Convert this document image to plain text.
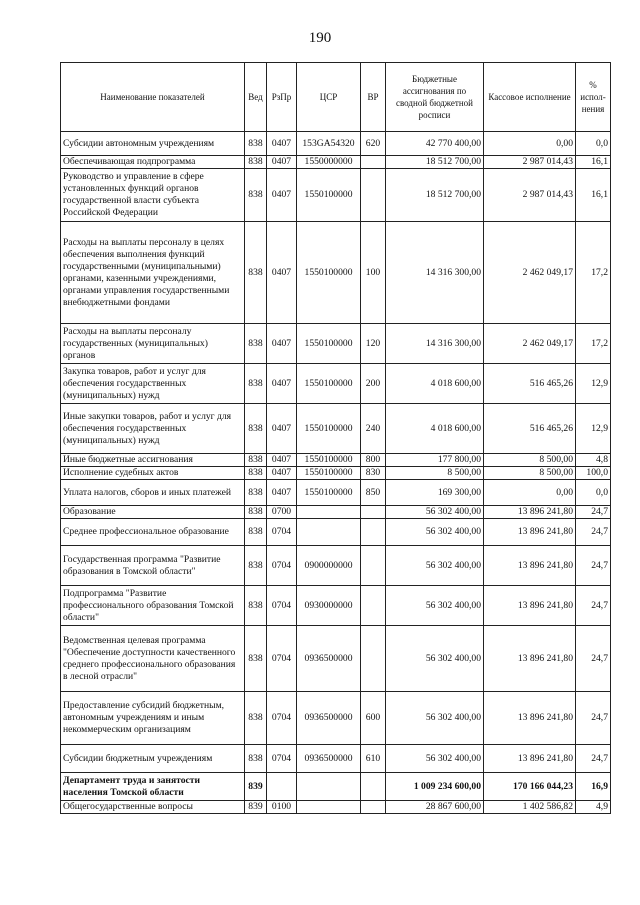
190
Наименование показателей	Вед	РзПр	ЦСР	ВР	Бюджетные ассигнования по сводной бюджетной росписи	Кассовое исполнение	% испол-нения
Субсидии автономным учреждениям	838	0407	153GA54320	620	42 770 400,00	0,00	0,0
Обеспечивающая подпрограмма	838	0407	1550000000		18 512 700,00	2 987 014,43	16,1
Руководство и управление в сфере установленных функций органов государственной власти субъекта Российской Федерации	838	0407	1550100000		18 512 700,00	2 987 014,43	16,1
Расходы на выплаты персоналу в целях обеспечения выполнения функций государственными (муниципальными) органами, казенными учреждениями, органами управления государственными внебюджетными фондами	838	0407	1550100000	100	14 316 300,00	2 462 049,17	17,2
Расходы на выплаты персоналу государственных (муниципальных) органов	838	0407	1550100000	120	14 316 300,00	2 462 049,17	17,2
Закупка товаров, работ и услуг для обеспечения государственных (муниципальных) нужд	838	0407	1550100000	200	4 018 600,00	516 465,26	12,9
Иные закупки товаров, работ и услуг для обеспечения государственных (муниципальных) нужд	838	0407	1550100000	240	4 018 600,00	516 465,26	12,9
Иные бюджетные ассигнования	838	0407	1550100000	800	177 800,00	8 500,00	4,8
Исполнение судебных актов	838	0407	1550100000	830	8 500,00	8 500,00	100,0
Уплата налогов, сборов и иных платежей	838	0407	1550100000	850	169 300,00	0,00	0,0
Образование	838	0700			56 302 400,00	13 896 241,80	24,7
Среднее профессиональное образование	838	0704			56 302 400,00	13 896 241,80	24,7
Государственная программа "Развитие образования в Томской области"	838	0704	0900000000		56 302 400,00	13 896 241,80	24,7
Подпрограмма "Развитие профессионального образования Томской области"	838	0704	0930000000		56 302 400,00	13 896 241,80	24,7
Ведомственная целевая программа "Обеспечение доступности качественного среднего профессионального образования в лесной отрасли"	838	0704	0936500000		56 302 400,00	13 896 241,80	24,7
Предоставление субсидий бюджетным, автономным учреждениям и иным некоммерческим организациям	838	0704	0936500000	600	56 302 400,00	13 896 241,80	24,7
Субсидии бюджетным учреждениям	838	0704	0936500000	610	56 302 400,00	13 896 241,80	24,7
Департамент труда и занятости населения Томской области	839				1 009 234 600,00	170 166 044,23	16,9
Общегосударственные вопросы	839	0100			28 867 600,00	1 402 586,82	4,9
